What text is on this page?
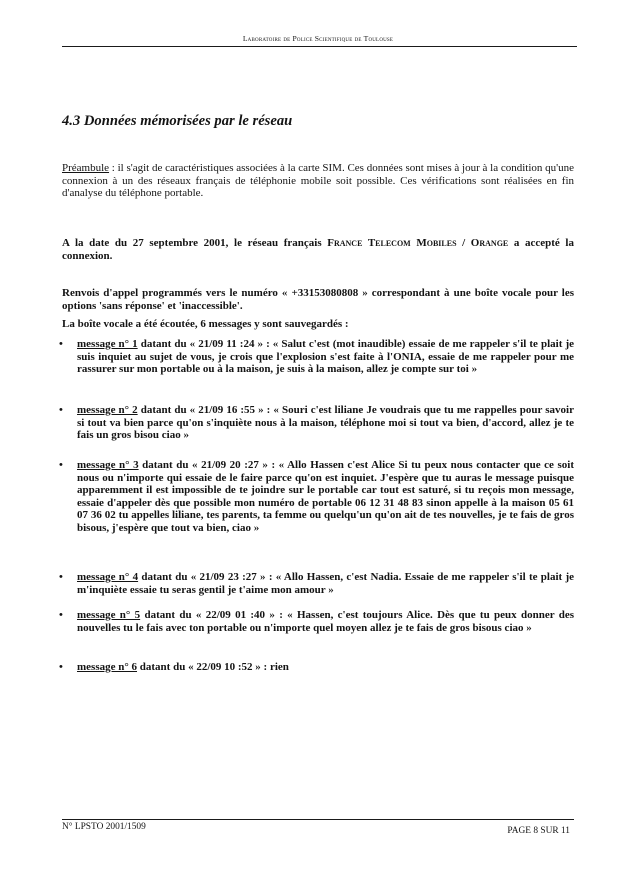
Laboratoire de Police Scientifique de Toulouse
4.3 Données mémorisées par le réseau

Préambule : il s'agit de caractéristiques associées à la carte SIM. Ces données sont mises à jour à la condition qu'une connexion à un des réseaux français de téléphonie mobile soit possible. Ces vérifications sont réalisées en fin d'analyse du téléphone portable.

A la date du 27 septembre 2001, le réseau français France Telecom Mobiles / Orange a accepté la connexion.

Renvois d'appel programmés vers le numéro « +33153080808 » correspondant à une boîte vocale pour les options 'sans réponse' et 'inaccessible'.

La boîte vocale a été écoutée, 6 messages y sont sauvegardés :

• message n° 1 datant du « 21/09 11 :24 » : « Salut c'est (mot inaudible) essaie de me rappeler s'il te plait je suis inquiet au sujet de vous, je crois que l'explosion s'est faite à l'ONIA, essaie de me rappeler pour me rassurer sur mon portable ou à la maison, je suis à la maison, allez je compte sur toi »

• message n° 2 datant du « 21/09 16 :55 » : « Souri c'est liliane Je voudrais que tu me rappelles pour savoir si tout va bien parce qu'on s'inquiète nous à la maison, téléphone moi si tout va bien, d'accord, allez je te fais un gros bisou ciao »

• message n° 3 datant du « 21/09 20 :27 » : « Allo Hassen c'est Alice Si tu peux nous contacter que ce soit nous ou n'importe qui essaie de le faire parce qu'on est inquiet. J'espère que tu auras le message puisque apparemment il est impossible de te joindre sur le portable car tout est saturé, si tu reçois mon message, essaie d'appeler dès que possible mon numéro de portable 06 12 31 48 83 sinon appelle à la maison 05 61 07 36 02 tu appelles liliane, tes parents, ta femme ou quelqu'un qu'on ait de tes nouvelles, je te fais de gros bisous, j'espère que tout va bien, ciao »

• message n° 4 datant du « 21/09 23 :27 » : « Allo Hassen, c'est Nadia. Essaie de me rappeler s'il te plait je m'inquiète essaie tu seras gentil je t'aime mon amour »

• message n° 5 datant du « 22/09 01 :40 » : « Hassen, c'est toujours Alice. Dès que tu peux donner des nouvelles tu le fais avec ton portable ou n'importe quel moyen allez je te fais de gros bisous ciao »

• message n° 6 datant du « 22/09 10 :52 » : rien

N° LPSTO 2001/1509	PAGE 8 SUR 11
